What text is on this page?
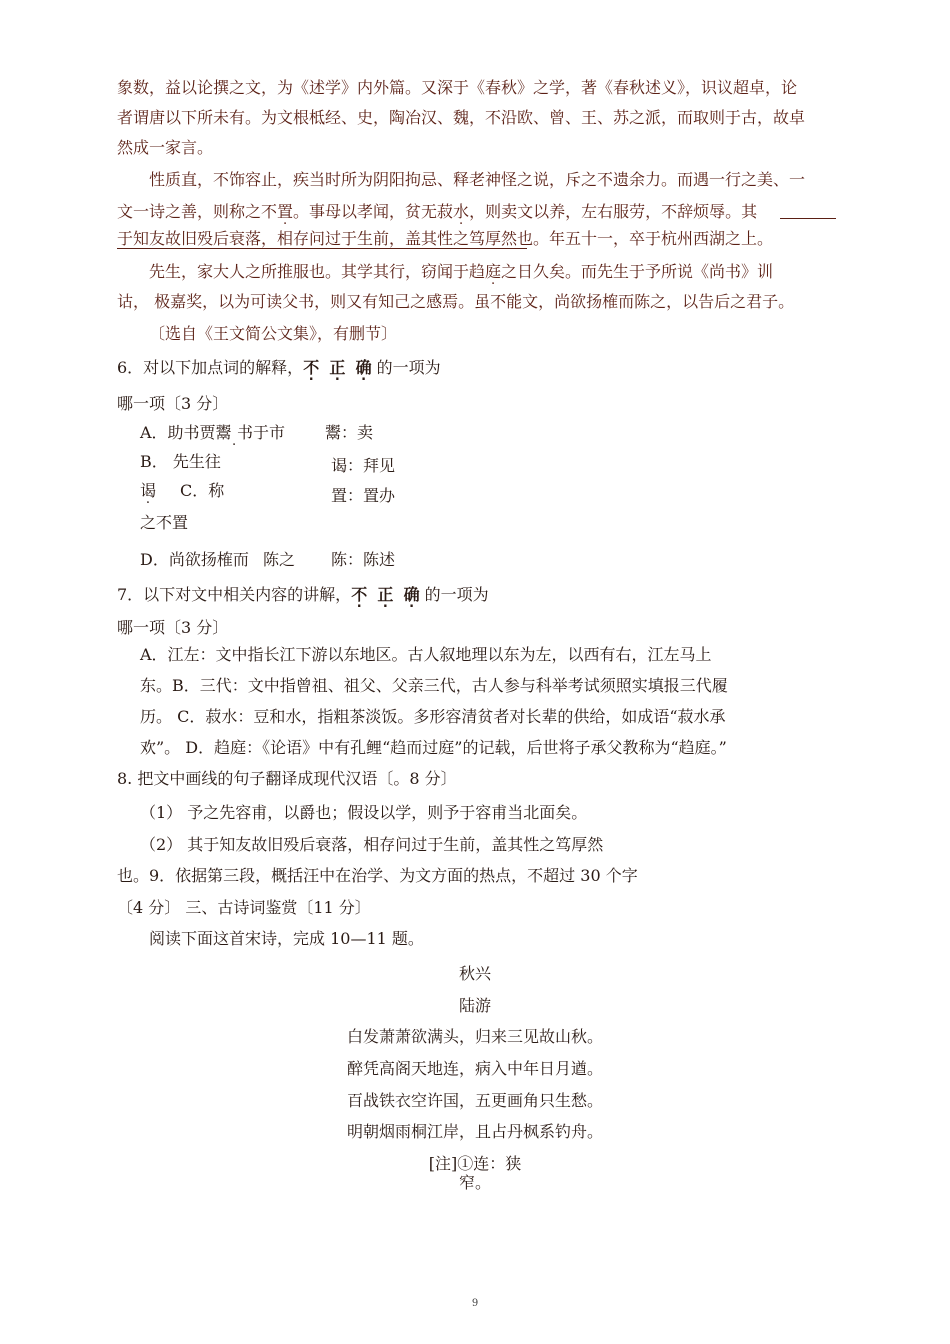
象数，益以论撰之文，为《述学》内外篇。又深于《春秋》之学，著《春秋述义》，识议超卓，论
者谓唐以下所未有。为文根柢经、史，陶冶汉、魏，不沿欧、曾、王、苏之派，而取则于古，故卓
然成一家言。
性质直，不饰容止，疾当时所为阴阳拘忌、释老神怪之说，斥之不遗余力。而遇一行之美、一
文一诗之善，则称之不置。事母以孝闻，贫无菽水，则卖文以养，左右服劳，不辞烦辱。其
于知友故旧殁后衰落，相存问过于生前，盖其性之笃厚然也。年五十一，卒于杭州西湖之上。
先生，家大人之所推服也。其学其行，窃闻于趋庭之日久矣。而先生于予所说《尚书》训
诂， 极嘉奖，以为可读父书，则又有知己之感焉。虽不能文，尚欲扬榷而陈之，以告后之君子。
〔选自《王文简公文集》，有删节〕
6．对以下加点词的解释，不 正 确 的一项为
哪一项〔3 分〕
A．助书贾鬻  . 书于市 鬻：卖
B． 先生往	谒：拜见
谒 C．称	置：置办
之不置
D．尚欲扬榷而 陈之 陈：陈述
7．以下对文中相关内容的讲解，不 正 确 的一项为
哪一项〔3 分〕
A．江左：文中指长江下游以东地区。古人叙地理以东为左，以西有右，江左马上
东。B．三代：文中指曾祖、祖父、父亲三代，古人参与科举考试须照实填报三代履
历。 C．菽水：豆和水，指粗茶淡饭。多形容清贫者对长辈的供给，如成语“菽水承
欢”。 D．趋庭：《论语》中有孔鲤“趋而过庭”的记载，后世将子承父教称为“趋庭。”
8. 把文中画线的句子翻译成现代汉语〔。8 分〕
（1） 予之先容甫，以爵也；假设以学，则予于容甫当北面矣。
（2） 其于知友故旧殁后衰落，相存问过于生前，盖其性之笃厚然
也。9．依据第三段，概括汪中在治学、为文方面的热点，不超过 30 个字
〔4 分〕 三、古诗词鉴赏〔11 分〕
阅读下面这首宋诗，完成 10—11 题。
秋兴
陆游
白发萧萧欲满头，归来三见故山秋。
醉凭高阁天地连，病入中年日月遒。
百战铁衣空许国，五更画角只生愁。
明朝烟雨桐江岸，且占丹枫系钓舟。
[注]①连：狭
窄。
9
